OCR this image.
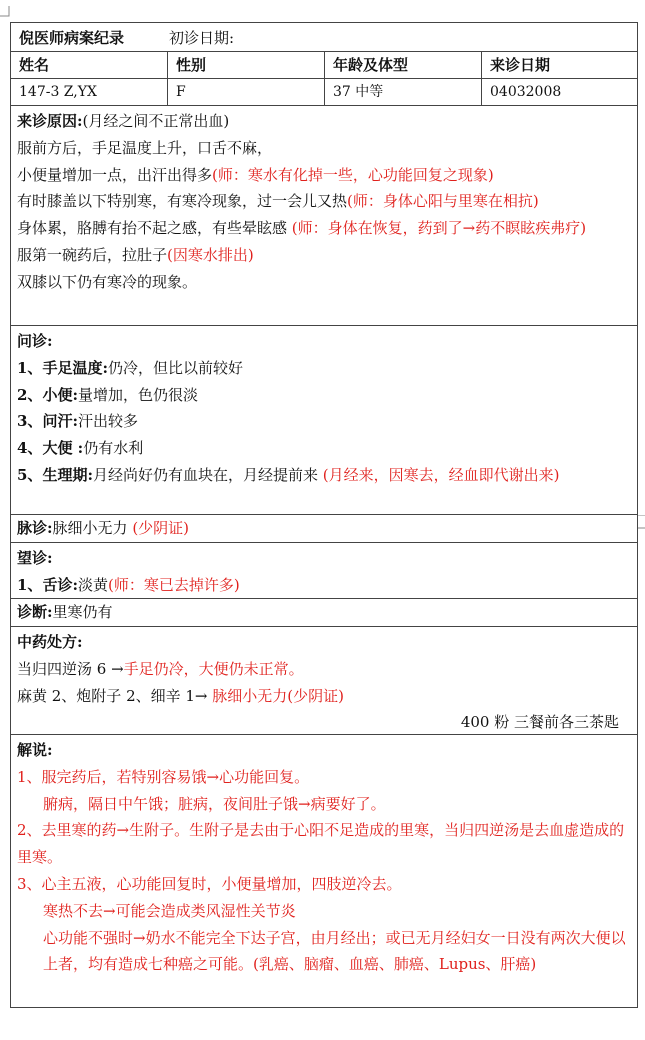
倪医师病案纪录	初诊日期:
姓名	性别	年龄及体型	来诊日期
147-3 Z,YX	F	37 中等	04032008
来诊原因:(月经之间不正常出血)
服前方后，手足温度上升，口舌不麻，
小便量增加一点，出汗出得多(师：寒水有化掉一些，心功能回复之现象)
有时膝盖以下特别寒，有寒冷现象，过一会儿又热(师：身体心阳与里寒在相抗)
身体累，胳膊有抬不起之感，有些晕眩感 (师：身体在恢复，药到了→药不瞑眩疾弗疗)
服第一碗药后，拉肚子(因寒水排出)
双膝以下仍有寒冷的现象。
问诊:
1、手足温度:仍冷，但比以前较好
2、小便:量增加，色仍很淡
3、问汗:汗出较多
4、大便 :仍有水利
5、生理期:月经尚好仍有血块在，月经提前来 (月经来，因寒去，经血即代谢出来)
脉诊:脉细小无力 (少阴证)
望诊:
1、舌诊:淡黄(师：寒已去掉许多)
诊断:里寒仍有
中药处方:
当归四逆汤 6 →手足仍冷，大便仍未正常。
麻黄 2、炮附子 2、细辛 1→ 脉细小无力(少阴证)
400 粉 三餐前各三茶匙
解说:
1、服完药后，若特别容易饿→心功能回复。
腑病，隔日中午饿；脏病，夜间肚子饿→病要好了。
2、去里寒的药→生附子。生附子是去由于心阳不足造成的里寒，当归四逆汤是去血虚造成的里寒。
3、心主五液，心功能回复时，小便量增加，四肢逆冷去。
寒热不去→可能会造成类风湿性关节炎
心功能不强时→奶水不能完全下达子宫，由月经出；或已无月经妇女一日没有两次大便以上者，均有造成七种癌之可能。(乳癌、脑瘤、血癌、肺癌、Lupus、肝癌)
